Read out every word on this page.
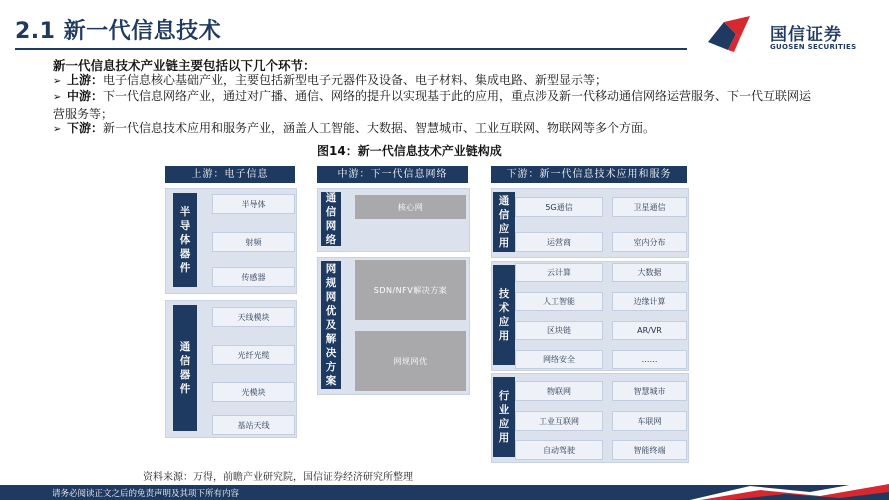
2.1 新一代信息技术	国信证券
GUOSEN SECURITIES
新一代信息技术产业链主要包括以下几个环节：
➢ 上游：电子信息核心基础产业，主要包括新型电子元器件及设备、电子材料、集成电路、新型显示等；
➢ 中游：下一代信息网络产业，通过对广播、通信、网络的提升以实现基于此的应用，重点涉及新一代移动通信网络运营服务、下一代互联网运营服务等；
➢ 下游：新一代信息技术应用和服务产业，涵盖人工智能、大数据、智慧城市、工业互联网、物联网等多个方面。
图14：新一代信息技术产业链构成
上游：电子信息	中游：下一代信息网络	下游：新一代信息技术应用和服务
半导体器件
半导体
射频
传感器
通信器件
天线模块
光纤光缆
光模块
基站天线
通信网络
核心网
网规网优及解决方案
SDN/NFV解决方案
网规网优
通信应用
5G通信	卫星通信
运营商	室内分布
技术应用
云计算	大数据
人工智能	边缘计算
区块链	AR/VR
网络安全	……
行业应用
物联网	智慧城市
工业互联网	车联网
自动驾驶	智能终端
资料来源：万得，前瞻产业研究院，国信证券经济研究所整理
请务必阅读正文之后的免责声明及其项下所有内容
